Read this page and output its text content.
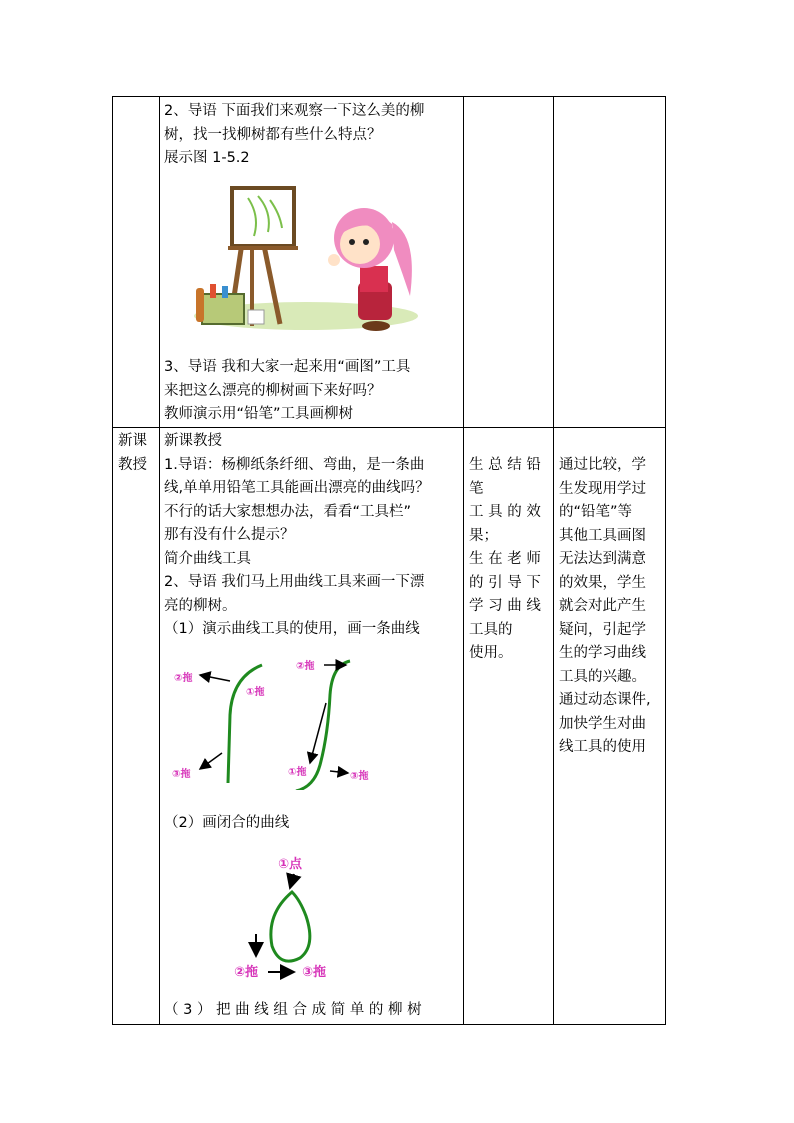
2、导语 下面我们来观察一下这么美的柳

树，找一找柳树都有些什么特点？

展示图 1-5.2

3、导语 我和大家一起来用“画图”工具

来把这么漂亮的柳树画下来好吗？

教师演示用“铅笔”工具画柳树

新课

教授

新课教授

1.导语：杨柳纸条纤细、弯曲，是一条曲

线,单单用铅笔工具能画出漂亮的曲线吗？

不行的话大家想想办法，看看“工具栏”

那有没有什么提示？

简介曲线工具

2、导语 我们马上用曲线工具来画一下漂

亮的柳树。

（1）演示曲线工具的使用，画一条曲线

②拖
①拖
③拖
②拖
①拖	③拖

（2）画闭合的曲线

①点
②拖	③拖

（ 3 ） 把 曲 线 组 合 成 简 单 的 柳 树

生 总 结 铅

笔

工 具 的 效

果；

生 在 老 师

的 引 导 下

学 习 曲 线

工具的

使用。

通过比较，学

生发现用学过

的“铅笔”等

其他工具画图

无法达到满意

的效果，学生

就会对此产生

疑问，引起学

生的学习曲线

工具的兴趣。

通过动态课件,

加快学生对曲

线工具的使用
